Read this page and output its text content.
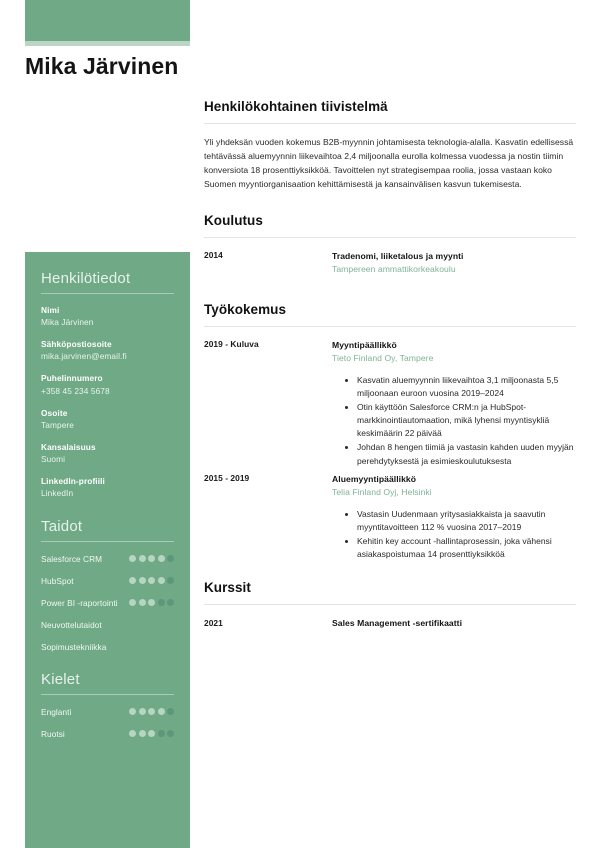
Mika Järvinen
Henkilötiedot
Nimi
Mika Järvinen
Sähköpostiosoite
mika.jarvinen@email.fi
Puhelinnumero
+358 45 234 5678
Osoite
Tampere
Kansalaisuus
Suomi
LinkedIn-profiili
LinkedIn
Taidot
Salesforce CRM
HubSpot
Power BI -raportointi
Neuvottelutaidot
Sopimustekniikka
Kielet
Englanti
Ruotsi
Henkilökohtainen tiivistelmä

Yli yhdeksän vuoden kokemus B2B-myynnin johtamisesta teknologia-alalla. Kasvatin edellisessä tehtävässä aluemyynnin liikevaihtoa 2,4 miljoonalla eurolla kolmessa vuodessa ja nostin tiimin konversiota 18 prosenttiyksikköä. Tavoittelen nyt strategisempaa roolia, jossa vastaan koko Suomen myyntiorganisaation kehittämisestä ja kansainvälisen kasvun tukemisesta.

Koulutus
2014	Tradenomi, liiketalous ja myynti
Tampereen ammattikorkeakoulu
Työkokemus
2019 - Kuluva	Myyntipäällikkö
Tieto Finland Oy, Tampere
• Kasvatin aluemyynnin liikevaihtoa 3,1 miljoonasta 5,5 miljoonaan euroon vuosina 2019–2024
• Otin käyttöön Salesforce CRM:n ja HubSpot-markkinointiautomaation, mikä lyhensi myyntisykliä keskimäärin 22 päivää
• Johdan 8 hengen tiimiä ja vastasin kahden uuden myyjän perehdytyksestä ja esimieskoulutuksesta
2015 - 2019	Aluemyyntipäällikkö
Telia Finland Oyj, Helsinki
• Vastasin Uudenmaan yritysasiakkaista ja saavutin myyntitavoitteen 112 % vuosina 2017–2019
• Kehitin key account -hallintaprosessin, joka vähensi asiakaspoistumaa 14 prosenttiyksikköä
Kurssit
2021	Sales Management -sertifikaatti
